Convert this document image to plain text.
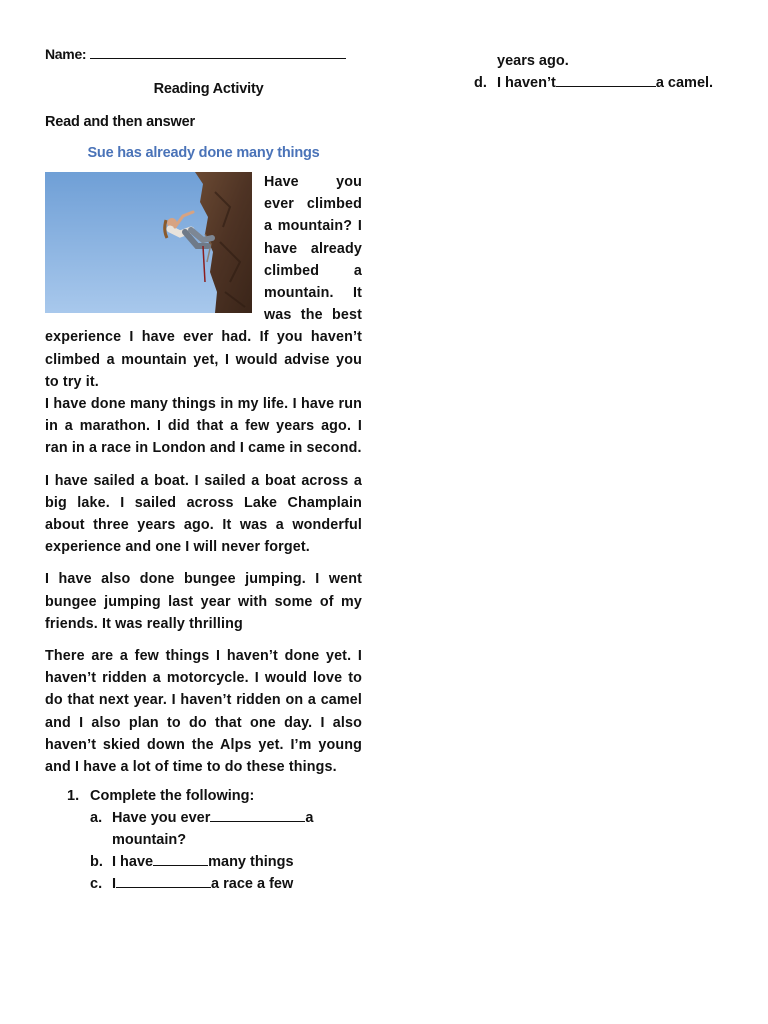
Name:
Reading Activity
Read and then answer
Sue has already done many things

Have you ever climbed a mountain? I have already climbed a mountain. It was the best experience I have ever had. If you haven’t climbed a mountain yet, I would advise you to try it.

I have done many things in my life. I have run in a marathon. I did that a few years ago. I ran in a race in London and I came in second.

I have sailed a boat. I sailed a boat across a big lake. I sailed across Lake Champlain about three years ago. It was a wonderful experience and one I will never forget.

I have also done bungee jumping. I went bungee jumping last year with some of my friends. It was really thrilling

There are a few things I haven’t done yet. I haven’t ridden a motorcycle. I would love to do that next year. I haven’t ridden on a camel and I also plan to do that one day. I also haven’t skied down the Alps yet. I’m young and I have a lot of time to do these things.

1. Complete the following:
a. Have you ever	a mountain?
b. I have	many things
c. I	a race a few
years ago.
d. I haven’t	a camel.
